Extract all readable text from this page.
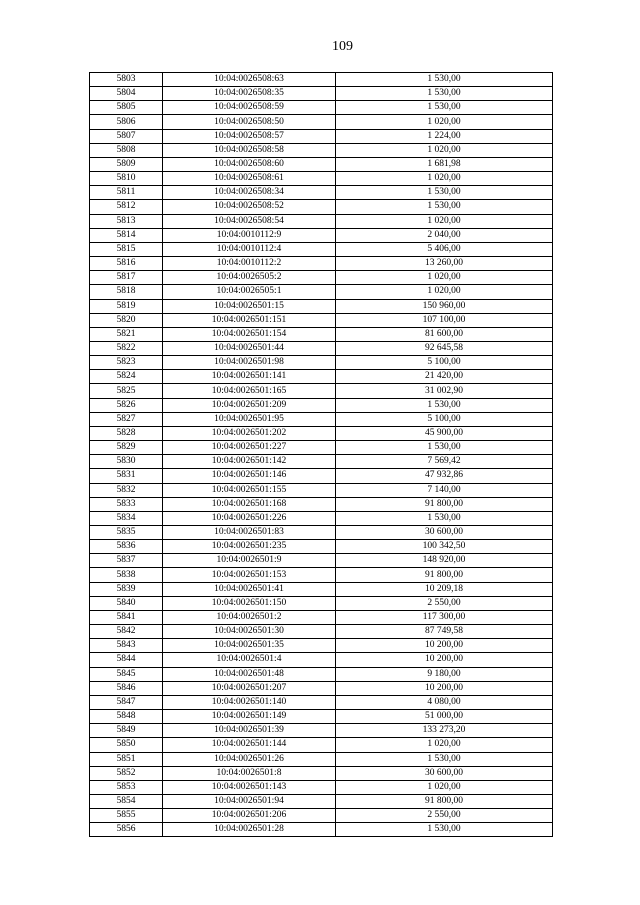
109
5803	10:04:0026508:63	1 530,00
5804	10:04:0026508:35	1 530,00
5805	10:04:0026508:59	1 530,00
5806	10:04:0026508:50	1 020,00
5807	10:04:0026508:57	1 224,00
5808	10:04:0026508:58	1 020,00
5809	10:04:0026508:60	1 681,98
5810	10:04:0026508:61	1 020,00
5811	10:04:0026508:34	1 530,00
5812	10:04:0026508:52	1 530,00
5813	10:04:0026508:54	1 020,00
5814	10:04:0010112:9	2 040,00
5815	10:04:0010112:4	5 406,00
5816	10:04:0010112:2	13 260,00
5817	10:04:0026505:2	1 020,00
5818	10:04:0026505:1	1 020,00
5819	10:04:0026501:15	150 960,00
5820	10:04:0026501:151	107 100,00
5821	10:04:0026501:154	81 600,00
5822	10:04:0026501:44	92 645,58
5823	10:04:0026501:98	5 100,00
5824	10:04:0026501:141	21 420,00
5825	10:04:0026501:165	31 002,90
5826	10:04:0026501:209	1 530,00
5827	10:04:0026501:95	5 100,00
5828	10:04:0026501:202	45 900,00
5829	10:04:0026501:227	1 530,00
5830	10:04:0026501:142	7 569,42
5831	10:04:0026501:146	47 932,86
5832	10:04:0026501:155	7 140,00
5833	10:04:0026501:168	91 800,00
5834	10:04:0026501:226	1 530,00
5835	10:04:0026501:83	30 600,00
5836	10:04:0026501:235	100 342,50
5837	10:04:0026501:9	148 920,00
5838	10:04:0026501:153	91 800,00
5839	10:04:0026501:41	10 209,18
5840	10:04:0026501:150	2 550,00
5841	10:04:0026501:2	117 300,00
5842	10:04:0026501:30	87 749,58
5843	10:04:0026501:35	10 200,00
5844	10:04:0026501:4	10 200,00
5845	10:04:0026501:48	9 180,00
5846	10:04:0026501:207	10 200,00
5847	10:04:0026501:140	4 080,00
5848	10:04:0026501:149	51 000,00
5849	10:04:0026501:39	133 273,20
5850	10:04:0026501:144	1 020,00
5851	10:04:0026501:26	1 530,00
5852	10:04:0026501:8	30 600,00
5853	10:04:0026501:143	1 020,00
5854	10:04:0026501:94	91 800,00
5855	10:04:0026501:206	2 550,00
5856	10:04:0026501:28	1 530,00
